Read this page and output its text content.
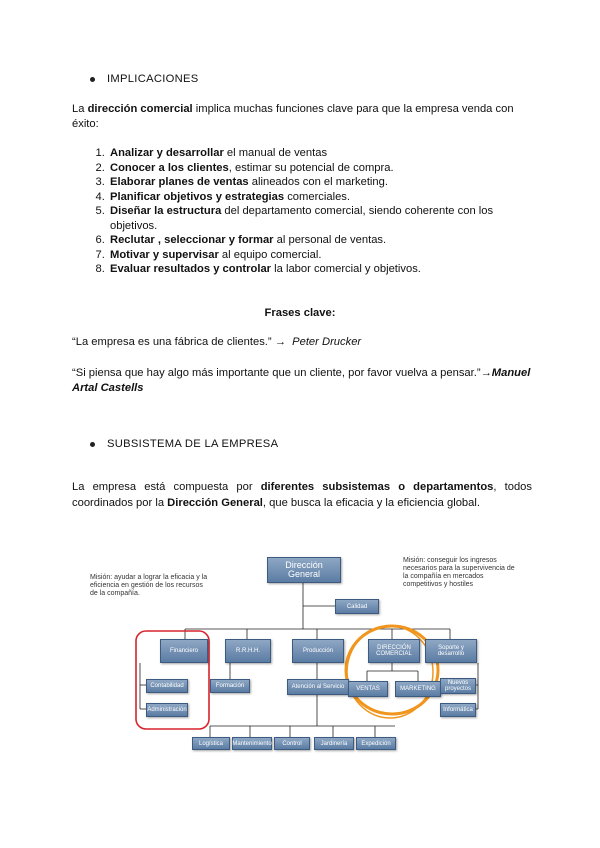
IMPLICACIONES
La dirección comercial implica muchas funciones clave para que la empresa venda con éxito:
1. Analizar y desarrollar el manual de ventas
2. Conocer a los clientes, estimar su potencial de compra.
3. Elaborar planes de ventas alineados con el marketing.
4. Planificar objetivos y estrategias comerciales.
5. Diseñar la estructura del departamento comercial, siendo coherente con los objetivos.
6. Reclutar , seleccionar y formar al personal de ventas.
7. Motivar y supervisar al equipo comercial.
8. Evaluar resultados y controlar la labor comercial y objetivos.
Frases clave:
“La empresa es una fábrica de clientes.” → Peter Drucker
“Si piensa que hay algo más importante que un cliente, por favor vuelva a pensar.”→Manuel Artal Castells
SUBSISTEMA DE LA EMPRESA
La empresa está compuesta por diferentes subsistemas o departamentos, todos coordinados por la Dirección General, que busca la eficacia y la eficiencia global.
Misión: ayudar a lograr la eficacia y la eficiencia en gestión de los recursos de la compañía.
Misión: conseguir los ingresos necesarios para la supervivencia de la compañía en mercados competitivos y hostiles
Dirección General
Calidad
Financiero	R.R.H.H.	Producción	DIRECCIÓN COMERCIAL
Soporte y desarrollo
Contabilidad
Administración
Formación	Atención al Servicio	VENTAS	MARKETING
Nuevos proyectos
Informática
Logística	Mantenimiento	Control	Jardinería	Expedición
